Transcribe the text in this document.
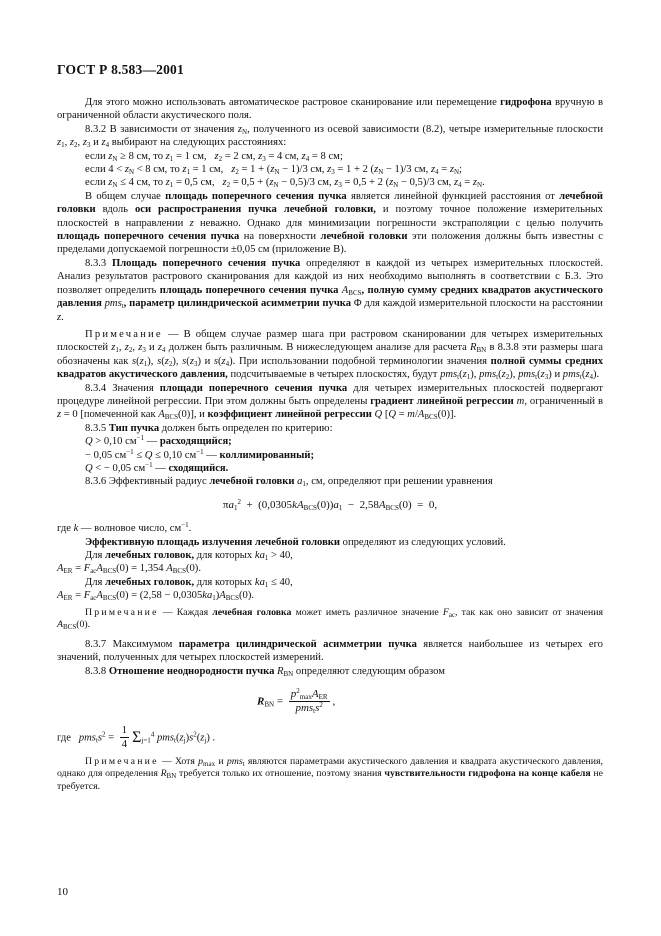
ГОСТ Р 8.583—2001

Для этого можно использовать автоматическое растровое сканирование или перемещение гидрофона вручную в ограниченной области акустического поля.

8.3.2 В зависимости от значения $z_N$, полученного из осевой зависимости (8.2), четыре измерительные плоскости $z_1$, $z_2$, $z_3$ и $z_4$ выбирают на следующих расстояниях:

если $z_N \ge 8$ см, то $z_1 = 1$ см,   $z_2 = 2$ см, $z_3 = 4$ см, $z_4 = 8$ см;

если $4 < z_N < 8$ см, то $z_1 = 1$ см,   $z_2 = 1 + (z_N - 1)/3$ см, $z_3 = 1 + 2$ $(z_N - 1)/3$ см, $z_4 = z_N$;

если $z_N \le 4$ см, то $z_1 = 0,5$ см,   $z_2 = 0,5 + (z_N - 0,5)/3$ см, $z_3 = 0,5 + 2$ $(z_N - 0,5)/3$ см, $z_4 = z_N$.

В общем случае площадь поперечного сечения пучка является линейной функцией расстояния от лечебной головки вдоль оси распространения пучка лечебной головки, и поэтому точное положение измерительных плоскостей в направлении z неважно. Однако для минимизации погрешности экстраполяции с целью получить площадь поперечного сечения пучка на поверхности лечебной головки эти положения должны быть известны с пределами допускаемой погрешности ±0,05 см (приложение В).

8.3.3 Площадь поперечного сечения пучка определяют в каждой из четырех измерительных плоскостей. Анализ результатов растрового сканирования для каждой из них необходимо выполнять в соответствии с Б.3. Это позволяет определить площадь поперечного сечения пучка $A_{BCS}$, полную сумму средних квадратов акустического давления pms$_t$, параметр цилиндрической асимметрии пучка Φ для каждой измерительной плоскости на расстоянии z.

Примечание — В общем случае размер шага при растровом сканировании для четырех измерительных плоскостей $z_1$, $z_2$, $z_3$ и $z_4$ должен быть различным. В нижеследующем анализе для расчета $R_{BN}$ в 8.3.8 эти размеры шага обозначены как $s(z_1)$, $s(z_2)$, $s(z_3)$ и $s(z_4)$. При использовании подобной терминологии значения полной суммы средних квадратов акустического давления, подсчитываемые в четырех плоскостях, будут $pms_t(z_1)$, $pms_t(z_2)$, $pms_t(z_3)$ и $pms_t(z_4)$.

8.3.4 Значения площади поперечного сечения пучка для четырех измерительных плоскостей подвергают процедуре линейной регрессии. При этом должны быть определены градиент линейной регрессии m, ограниченный в z = 0 [помеченной как $A_{BCS}(0)$], и коэффициент линейной регрессии Q $[Q = m/A_{BCS}(0)]$.

8.3.5 Тип пучка должен быть определен по критерию:

Q > 0,10 $см^{-1}$ — расходящийся;

− 0,05 $см^{-1} \le Q \le 0,10$ $см^{-1}$ — коллимированный;

Q < − 0,05 $см^{-1}$ — сходящийся.

8.3.6 Эффективный радиус лечебной головки $a_1$, см, определяют при решении уравнения

$\pi a_1^2 + (0,0305kA_{BCS}(0))a_1 - 2,58A_{BCS}(0) = 0$,

где k — волновое число, $см^{-1}$.

Эффективную площадь излучения лечебной головки определяют из следующих условий.

Для лечебных головок, для которых $ka_1 > 40$,

$A_{ER} = F_{ac}A_{BCS}(0) = 1,354$ $A_{BCS}(0)$.

Для лечебных головок, для которых $ka_1 \le 40$,

$A_{ER} = F_{ac}A_{BCS}(0) = (2,58 - 0,0305ka_1)A_{BCS}(0)$.

Примечание — Каждая лечебная головка может иметь различное значение $F_{ac}$, так как оно зависит от значения $A_{BCS}(0)$.

8.3.7 Максимумом параметра цилиндрической асимметрии пучка является наибольшее из четырех его значений, полученных для четырех плоскостей измерений.

8.3.8 Отношение неоднородности пучка $R_{BN}$ определяют следующим образом

$R_{BN} = \frac{p^2_{max}A_{ER}}{pms_ts^2}$ ,

где   $pms_ts^2 = \frac{1}{4} \Sigma_{j=1}^4$ $pms_t(z_j)s^2(z_j)$ .

Примечание — Хотя $p_{max}$ и pms$_t$ являются параметрами акустического давления и квадрата акустического давления, однако для определения $R_{BN}$ требуется только их отношение, поэтому знания чувствительности гидрофона на конце кабеля не требуется.

10
